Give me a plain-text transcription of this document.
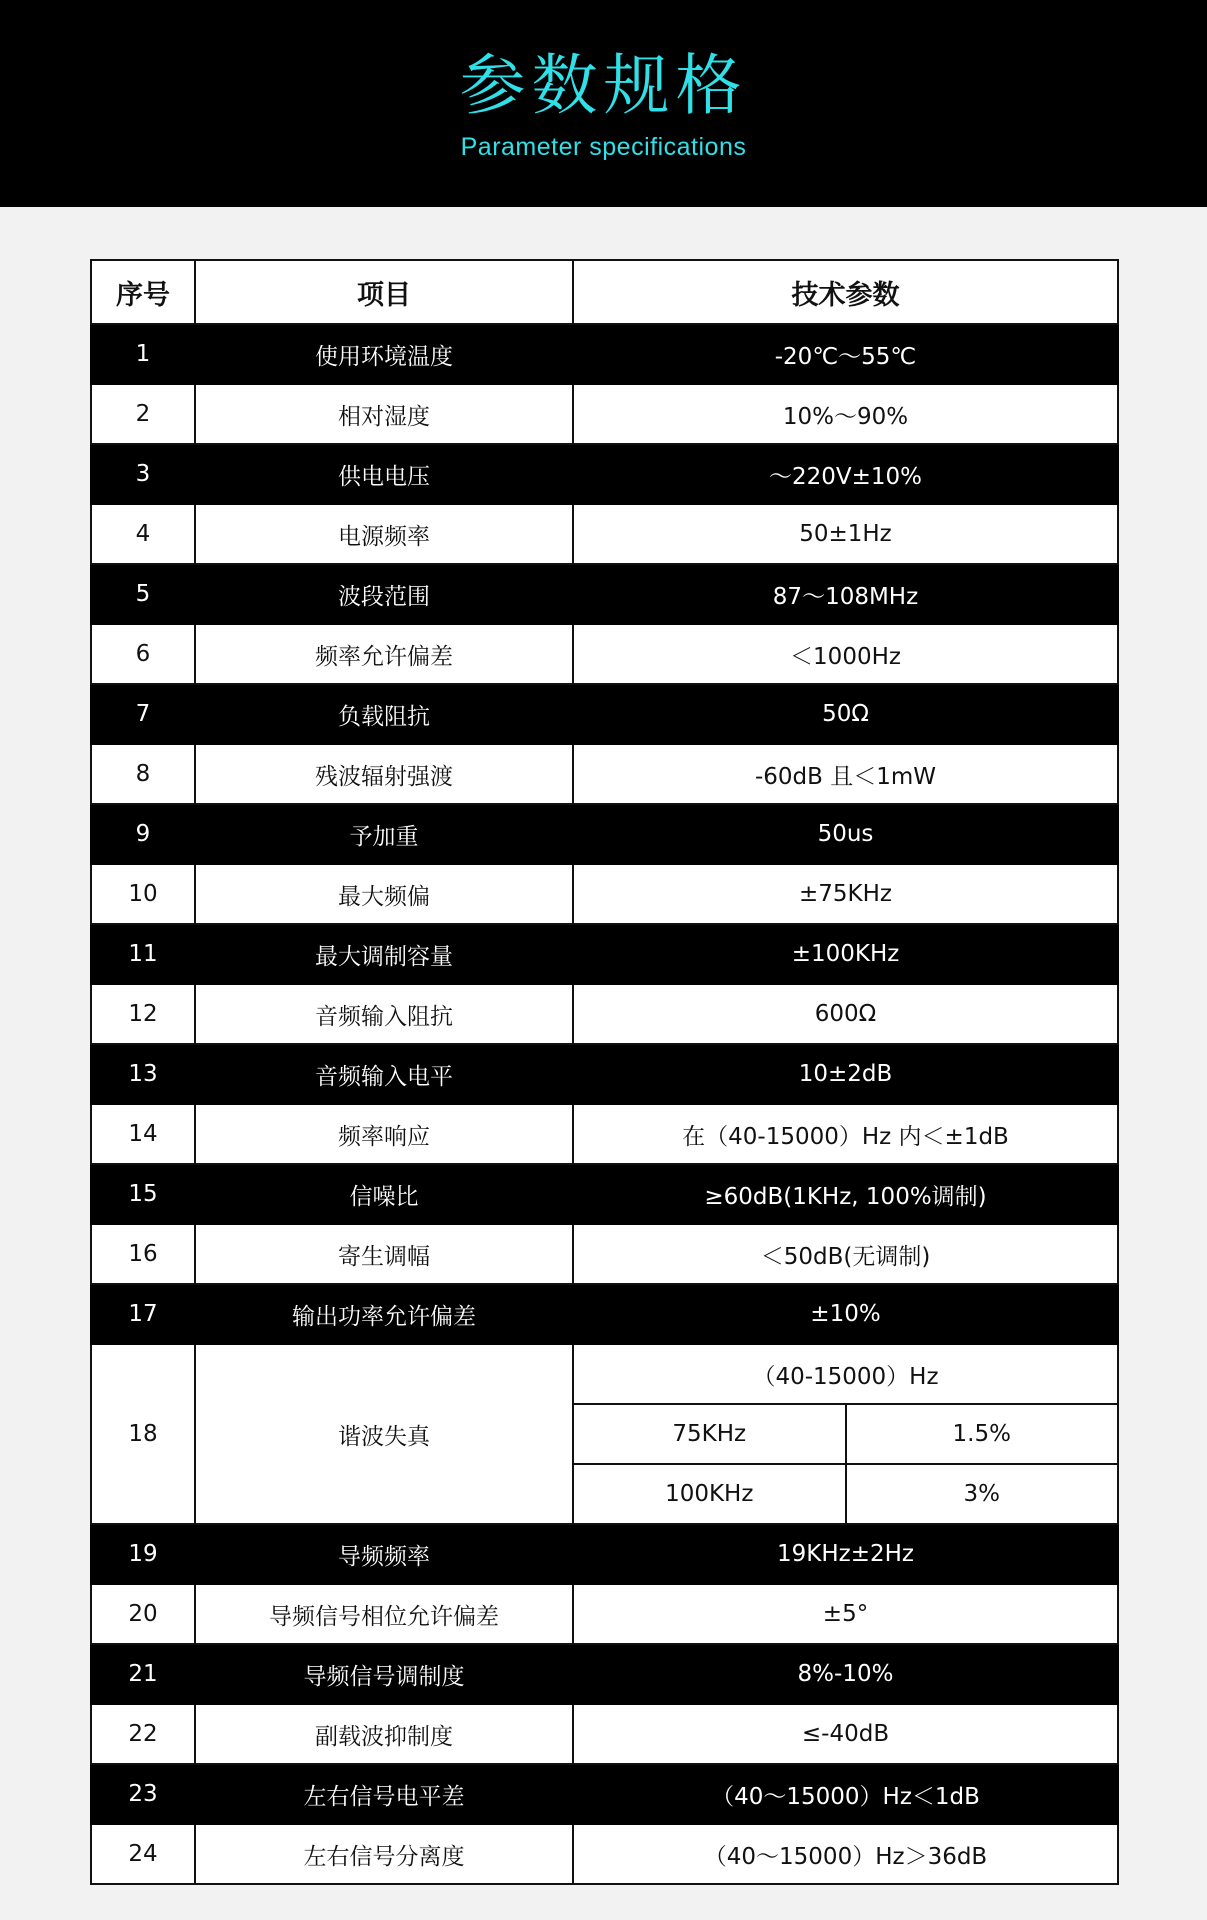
参数规格
Parameter specifications
序号	项目	技术参数
1	使用环境温度	-20℃～55℃
2	相对湿度	10%～90%
3	供电电压	～220V±10%
4	电源频率	50±1Hz
5	波段范围	87～108MHz
6	频率允许偏差	＜1000Hz
7	负载阻抗	50Ω
8	残波辐射强渡	-60dB 且＜1mW
9	予加重	50us
10	最大频偏	±75KHz
11	最大调制容量	±100KHz
12	音频输入阻抗	600Ω
13	音频输入电平	10±2dB
14	频率响应	在（40-15000）Hz 内＜±1dB
15	信噪比	≥60dB(1KHz, 100%调制)
16	寄生调幅	＜50dB(无调制)
17	输出功率允许偏差	±10%
18	谐波失真	
（40-15000）Hz
75KHz	1.5%
100KHz	3%

19	导频频率	19KHz±2Hz
20	导频信号相位允许偏差	±5°
21	导频信号调制度	8%-10%
22	副载波抑制度	≤-40dB
23	左右信号电平差	（40～15000）Hz＜1dB
24	左右信号分离度	（40～15000）Hz＞36dB
